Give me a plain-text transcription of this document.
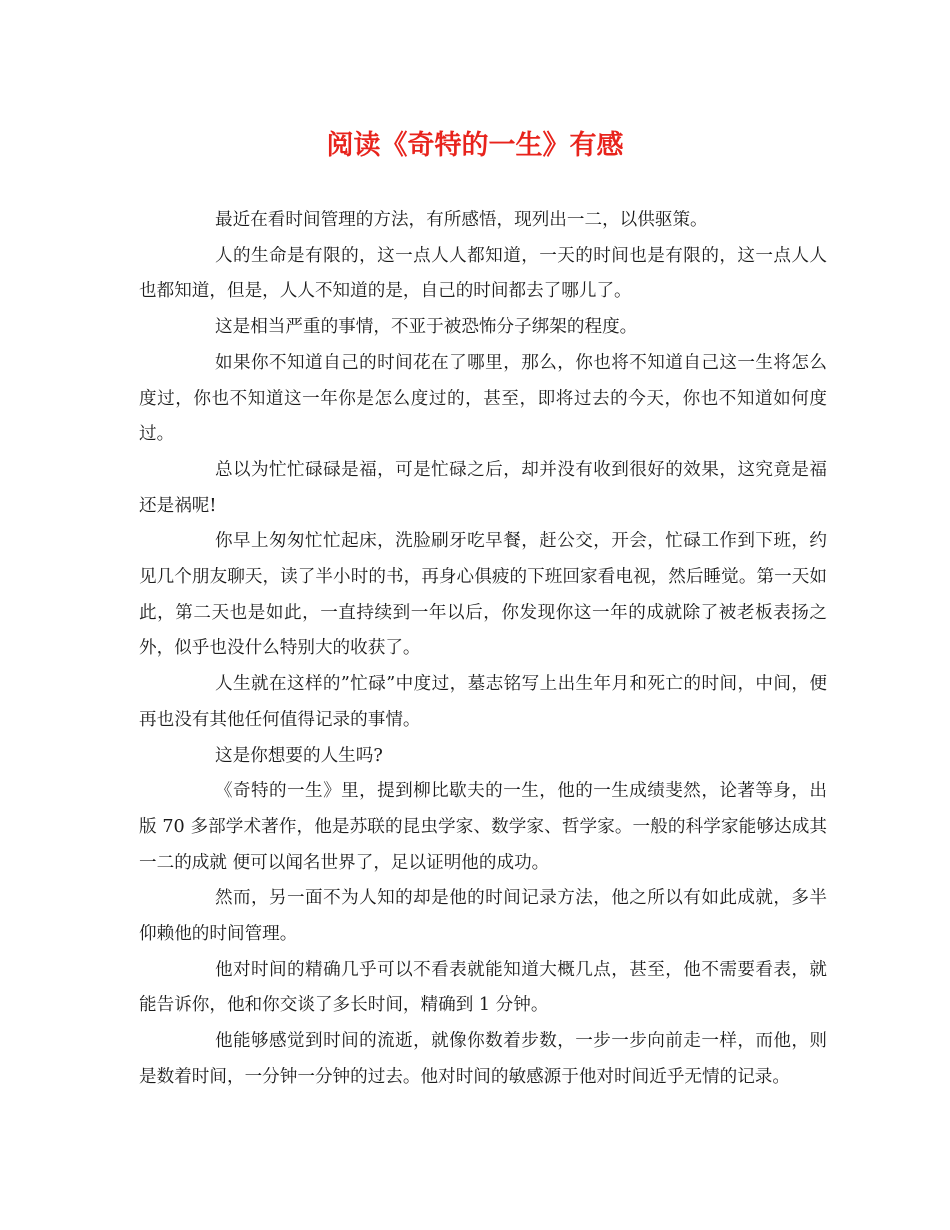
阅读《奇特的一生》有感

最近在看时间管理的方法，有所感悟，现列出一二，以供驱策。

人的生命是有限的，这一点人人都知道，一天的时间也是有限的，这一点人人也都知道，但是，人人不知道的是，自己的时间都去了哪儿了。

这是相当严重的事情，不亚于被恐怖分子绑架的程度。

如果你不知道自己的时间花在了哪里，那么，你也将不知道自己这一生将怎么度过，你也不知道这一年你是怎么度过的，甚至，即将过去的今天，你也不知道如何度过。

总以为忙忙碌碌是福，可是忙碌之后，却并没有收到很好的效果，这究竟是福还是祸呢!

你早上匆匆忙忙起床，洗脸刷牙吃早餐，赶公交，开会，忙碌工作到下班，约见几个朋友聊天，读了半小时的书，再身心俱疲的下班回家看电视，然后睡觉。第一天如此，第二天也是如此，一直持续到一年以后，你发现你这一年的成就除了被老板表扬之外，似乎也没什么特别大的收获了。

人生就在这样的”忙碌”中度过，墓志铭写上出生年月和死亡的时间，中间，便再也没有其他任何值得记录的事情。

这是你想要的人生吗?

《奇特的一生》里，提到柳比歇夫的一生，他的一生成绩斐然，论著等身，出版 70 多部学术著作，他是苏联的昆虫学家、数学家、哲学家。一般的科学家能够达成其一二的成就 便可以闻名世界了，足以证明他的成功。

然而，另一面不为人知的却是他的时间记录方法，他之所以有如此成就，多半仰赖他的时间管理。

他对时间的精确几乎可以不看表就能知道大概几点，甚至，他不需要看表，就能告诉你，他和你交谈了多长时间，精确到 1 分钟。

他能够感觉到时间的流逝，就像你数着步数，一步一步向前走一样，而他，则是数着时间，一分钟一分钟的过去。他对时间的敏感源于他对时间近乎无情的记录。
